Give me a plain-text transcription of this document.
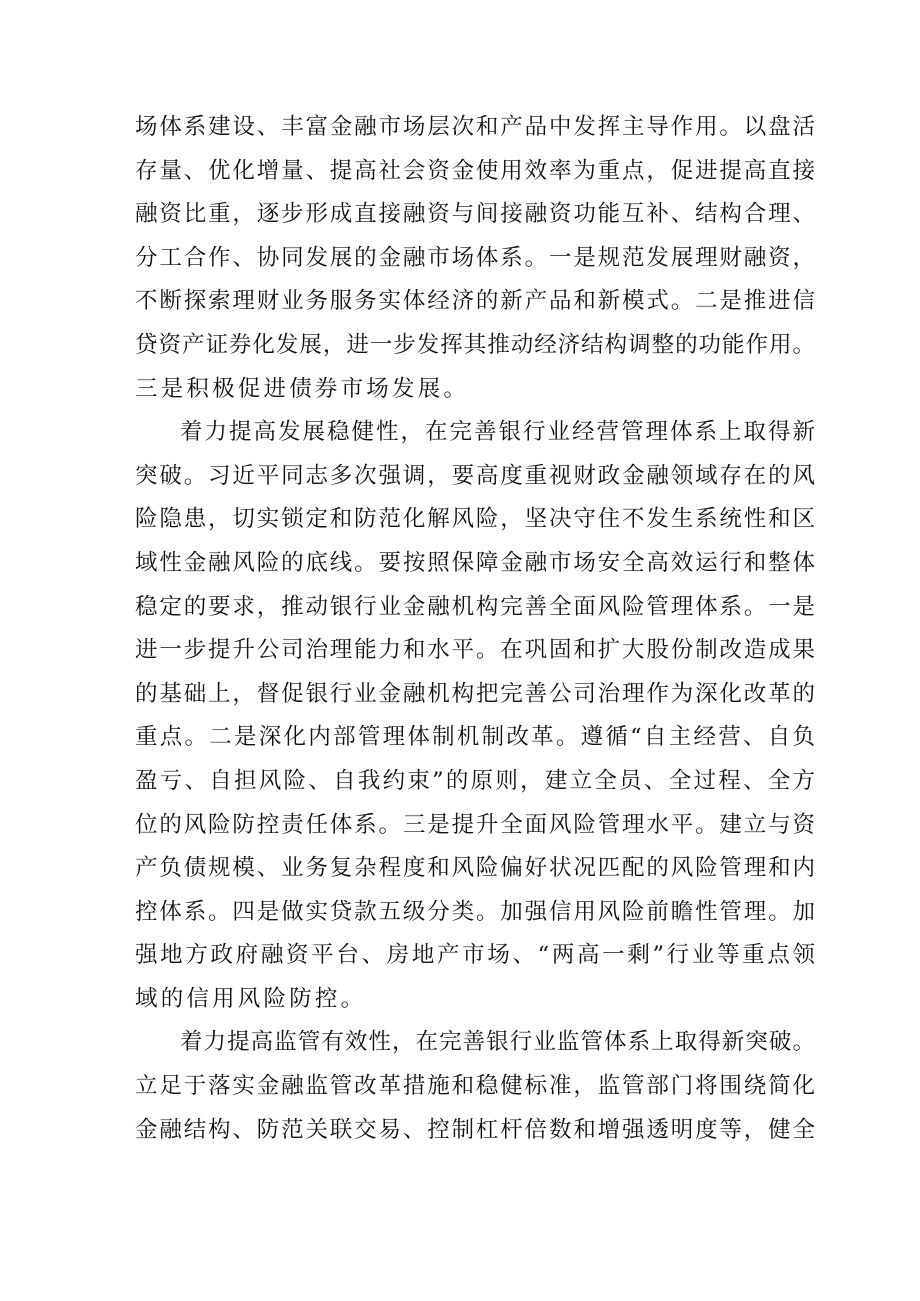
场体系建设、丰富金融市场层次和产品中发挥主导作用。以盘活
存量、优化增量、提高社会资金使用效率为重点，促进提高直接
融资比重，逐步形成直接融资与间接融资功能互补、结构合理、
分工合作、协同发展的金融市场体系。一是规范发展理财融资，
不断探索理财业务服务实体经济的新产品和新模式。二是推进信
贷资产证券化发展，进一步发挥其推动经济结构调整的功能作用。
三是积极促进债券市场发展。
着力提高发展稳健性，在完善银行业经营管理体系上取得新
突破。习近平同志多次强调，要高度重视财政金融领域存在的风
险隐患，切实锁定和防范化解风险，坚决守住不发生系统性和区
域性金融风险的底线。要按照保障金融市场安全高效运行和整体
稳定的要求，推动银行业金融机构完善全面风险管理体系。一是
进一步提升公司治理能力和水平。在巩固和扩大股份制改造成果
的基础上，督促银行业金融机构把完善公司治理作为深化改革的
重点。二是深化内部管理体制机制改革。遵循“自主经营、自负
盈亏、自担风险、自我约束”的原则，建立全员、全过程、全方
位的风险防控责任体系。三是提升全面风险管理水平。建立与资
产负债规模、业务复杂程度和风险偏好状况匹配的风险管理和内
控体系。四是做实贷款五级分类。加强信用风险前瞻性管理。加
强地方政府融资平台、房地产市场、“两高一剩”行业等重点领
域的信用风险防控。
着力提高监管有效性，在完善银行业监管体系上取得新突破。
立足于落实金融监管改革措施和稳健标准，监管部门将围绕简化
金融结构、防范关联交易、控制杠杆倍数和增强透明度等，健全
